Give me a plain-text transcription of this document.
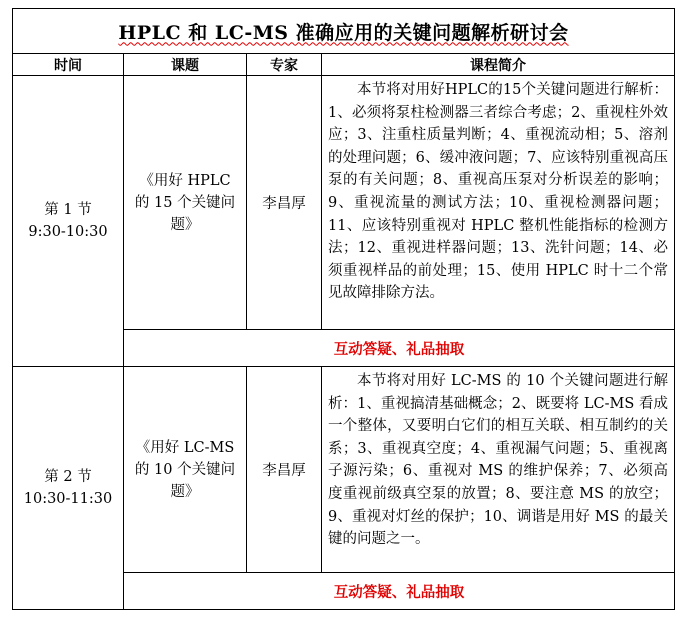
HPLC 和 LC-MS 准确应用的关键问题解析研讨会			
时间	课题	专家	课程简介

第 1 节
9:30-10:30	《用好 HPLC 的 15 个关键问题》	李昌厚	本节将对用好HPLC的15个关键问题进行解析：1、必须将泵柱检测器三者综合考虑；2、重视柱外效应；3、注重柱质量判断；4、重视流动相；5、溶剂的处理问题；6、缓冲液问题；7、应该特别重视高压泵的有关问题；8、重视高压泵对分析误差的影响；9、重视流量的测试方法；10、重视检测器问题；11、应该特别重视对 HPLC 整机性能指标的检测方法；12、重视进样器问题；13、洗针问题；14、必须重视样品的前处理；15、使用 HPLC 时十二个常见故障排除方法。
	互动答疑、礼品抽取		

第 2 节
10:30-11:30	《用好 LC-MS 的 10 个关键问题》	李昌厚	本节将对用好 LC-MS 的 10 个关键问题进行解析：1、重视搞清基础概念；2、既要将 LC-MS 看成一个整体，又要明白它们的相互关联、相互制约的关系；3、重视真空度；4、重视漏气问题；5、重视离子源污染；6、重视对 MS 的维护保养；7、必须高度重视前级真空泵的放置；8、要注意 MS 的放空；9、重视对灯丝的保护；10、调谐是用好 MS 的最关键的问题之一。
	互动答疑、礼品抽取		
